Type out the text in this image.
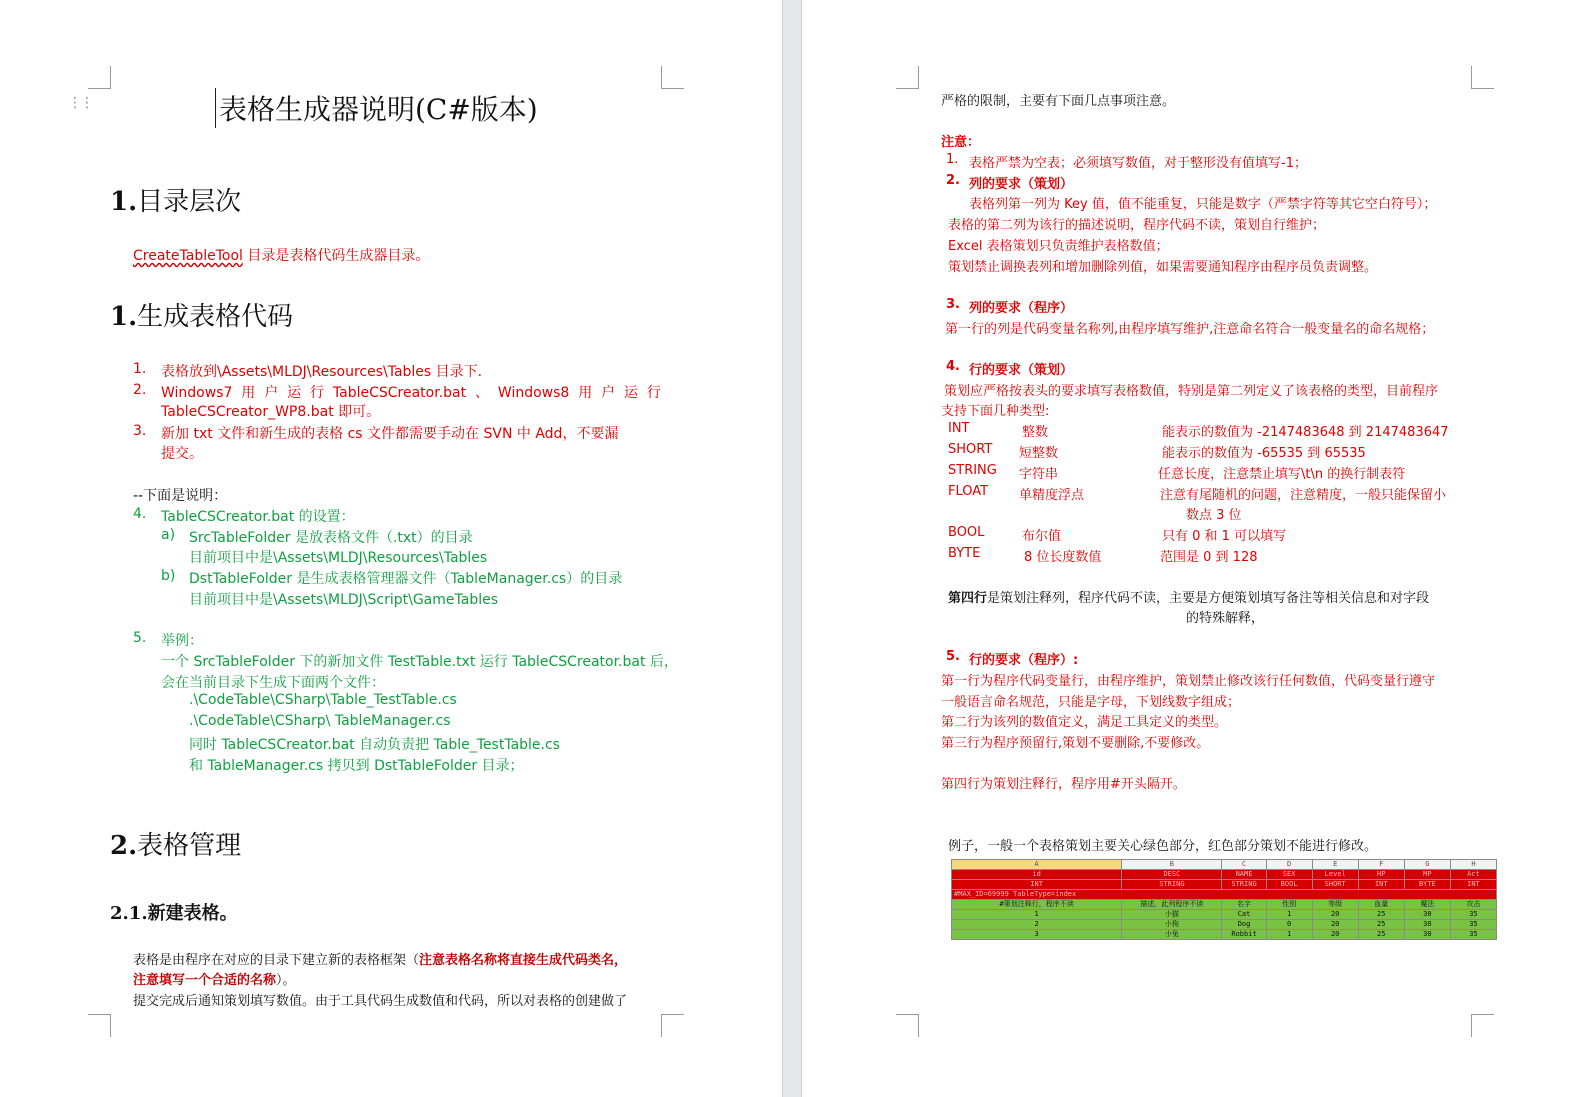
⋮⋮	表格生成器说明(C#版本)
1.目录层次
CreateTableTool 目录是表格代码生成器目录。
1.生成表格代码
1. 表格放到\Assets\MLDJ\Resources\Tables 目录下.
2. Windows7  用  户  运  行  TableCSCreator.bat  、  Windows8  用  户  运  行
TableCSCreator_WP8.bat 即可。
3. 新加 txt 文件和新生成的表格 cs 文件都需要手动在 SVN 中 Add，不要漏
提交。
--下面是说明：
4. TableCSCreator.bat 的设置：
a) SrcTableFolder 是放表格文件（.txt）的目录
目前项目中是\Assets\MLDJ\Resources\Tables
b) DstTableFolder 是生成表格管理器文件（TableManager.cs）的目录
目前项目中是\Assets\MLDJ\Script\GameTables
5. 举例：
一个 SrcTableFolder 下的新加文件 TestTable.txt 运行 TableCSCreator.bat 后，
会在当前目录下生成下面两个文件：
.\CodeTable\CSharp\Table_TestTable.cs
.\CodeTable\CSharp\ TableManager.cs
同时 TableCSCreator.bat 自动负责把 Table_TestTable.cs
和 TableManager.cs 拷贝到 DstTableFolder 目录；
2.表格管理
2.1.新建表格。
表格是由程序在对应的目录下建立新的表格框架（注意表格名称将直接生成代码类名，
注意填写一个合适的名称）。
提交完成后通知策划填写数值。由于工具代码生成数值和代码，所以对表格的创建做了
严格的限制，主要有下面几点事项注意。
注意：
1. 表格严禁为空表；必须填写数值，对于整形没有值填写-1；
2. 列的要求（策划）
表格列第一列为 Key 值，值不能重复，只能是数字（严禁字符等其它空白符号）；
表格的第二列为该行的描述说明，程序代码不读，策划自行维护；
Excel 表格策划只负责维护表格数值；
策划禁止调换表列和增加删除列值，如果需要通知程序由程序员负责调整。
3. 列的要求（程序）
第一行的列是代码变量名称列,由程序填写维护,注意命名符合一般变量名的命名规格；
4. 行的要求（策划）
策划应严格按表头的要求填写表格数值，特别是第二列定义了该表格的类型，目前程序
支持下面几种类型:
INT	整数	能表示的数值为 -2147483648 到 2147483647
SHORT 短整数	能表示的数值为 -65535 到 65535
STRING 字符串	任意长度，注意禁止填写\t\n 的换行制表符
FLOAT 单精度浮点	注意有尾随机的问题，注意精度，一般只能保留小
数点 3 位
BOOL	布尔值	只有 0 和 1 可以填写
BYTE	8 位长度数值	范围是 0 到 128
第四行是策划注释列，程序代码不读，主要是方便策划填写备注等相关信息和对字段
的特殊解释，
5. 行的要求（程序）:
第一行为程序代码变量行，由程序维护，策划禁止修改该行任何数值，代码变量行遵守
一般语言命名规范，只能是字母，下划线数字组成；
第二行为该列的数值定义，满足工具定义的类型。
第三行为程序预留行,策划不要删除,不要修改。
第四行为策划注释行，程序用#开头隔开。
例子，一般一个表格策划主要关心绿色部分，红色部分策划不能进行修改。
A	B	C	D	E	F	G	H
id	DESC	NAME	SEX	Level	HP	MP	Act
INT	STRING	STRING	BOOL	SHORT	INT	BYTE	INT
#MAX_ID=69999 TableType=index							
#策划注释行，程序不读	描述，此列程序不读	名字	性别	等级	血量	魔法	攻击
1	小猫	Cat	1	20	25	30	35
2	小狗	Dog	0	20	25	30	35
3	小兔	Robbit	1	20	25	30	35
